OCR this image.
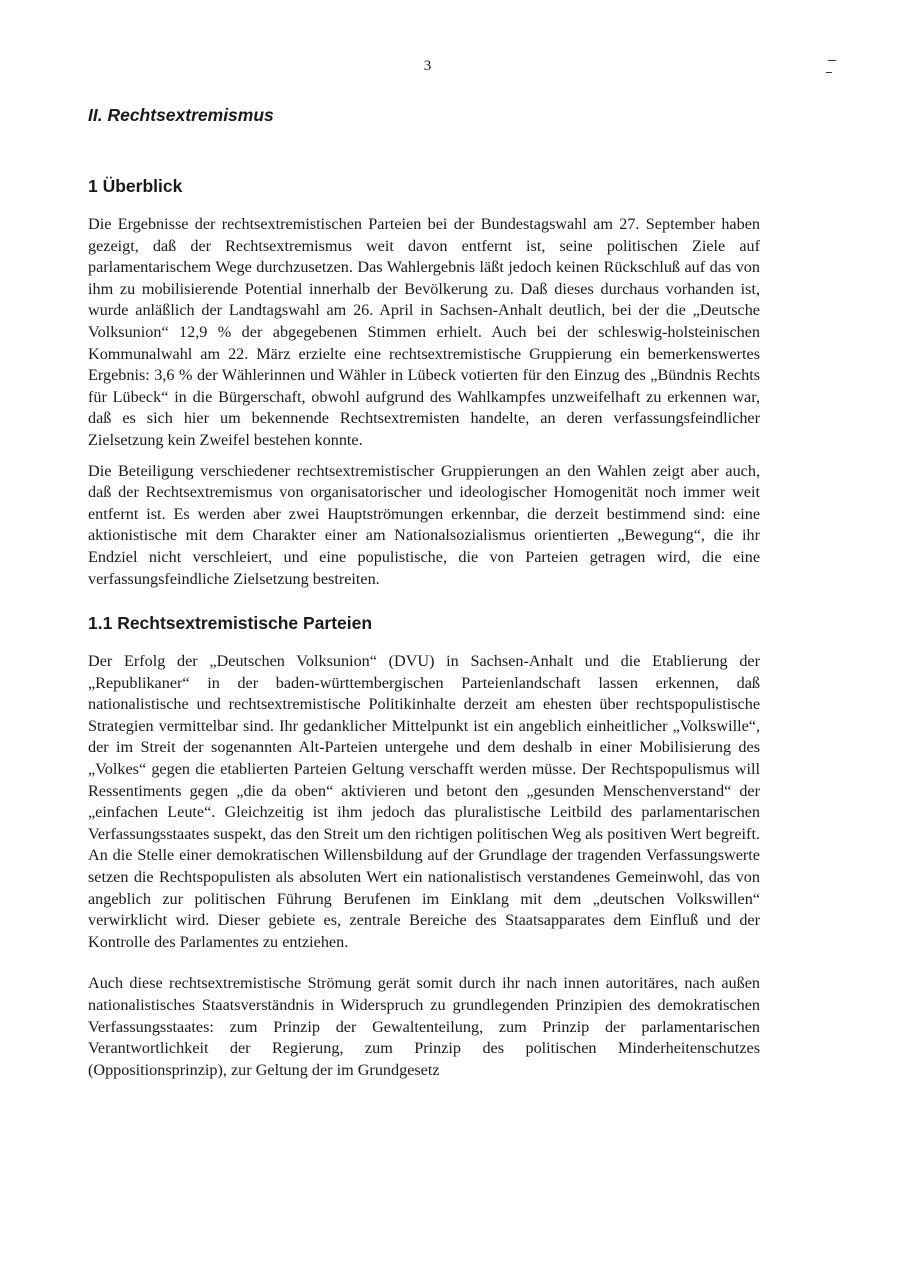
3
II. Rechtsextremismus
1 Überblick

Die Ergebnisse der rechtsextremistischen Parteien bei der Bundestagswahl am 27. September haben gezeigt, daß der Rechtsextremismus weit davon entfernt ist, seine politischen Ziele auf parlamentarischem Wege durchzusetzen. Das Wahlergebnis läßt jedoch keinen Rückschluß auf das von ihm zu mobilisierende Potential innerhalb der Bevölkerung zu. Daß dieses durchaus vorhanden ist, wurde anläßlich der Landtagswahl am 26. April in Sachsen-Anhalt deutlich, bei der die „Deutsche Volksunion“ 12,9 % der abgegebenen Stimmen erhielt. Auch bei der schleswig-holsteinischen Kommunalwahl am 22. März erzielte eine rechtsextremistische Gruppierung ein bemerkenswertes Ergebnis: 3,6 % der Wählerinnen und Wähler in Lübeck votierten für den Einzug des „Bündnis Rechts für Lübeck“ in die Bürgerschaft, obwohl aufgrund des Wahlkampfes unzweifelhaft zu erkennen war, daß es sich hier um bekennende Rechtsextremisten handelte, an deren verfassungsfeindlicher Zielsetzung kein Zweifel bestehen konnte.

Die Beteiligung verschiedener rechtsextremistischer Gruppierungen an den Wahlen zeigt aber auch, daß der Rechtsextremismus von organisatorischer und ideologischer Homogenität noch immer weit entfernt ist. Es werden aber zwei Hauptströmungen erkennbar, die derzeit bestimmend sind: eine aktionistische mit dem Charakter einer am Nationalsozialismus orientierten „Bewegung“, die ihr Endziel nicht verschleiert, und eine populistische, die von Parteien getragen wird, die eine verfassungsfeindliche Zielsetzung bestreiten.

1.1 Rechtsextremistische Parteien

Der Erfolg der „Deutschen Volksunion“ (DVU) in Sachsen-Anhalt und die Etablierung der „Republikaner“ in der baden-württembergischen Parteienlandschaft lassen erkennen, daß nationalistische und rechtsextremistische Politikinhalte derzeit am ehesten über rechtspopulistische Strategien vermittelbar sind. Ihr gedanklicher Mittelpunkt ist ein angeblich einheitlicher „Volkswille“, der im Streit der sogenannten Alt-Parteien untergehe und dem deshalb in einer Mobilisierung des „Volkes“ gegen die etablierten Parteien Geltung verschafft werden müsse. Der Rechtspopulismus will Ressentiments gegen „die da oben“ aktivieren und betont den „gesunden Menschenverstand“ der „einfachen Leute“. Gleichzeitig ist ihm jedoch das pluralistische Leitbild des parlamentarischen Verfassungsstaates suspekt, das den Streit um den richtigen politischen Weg als positiven Wert begreift. An die Stelle einer demokratischen Willensbildung auf der Grundlage der tragenden Verfassungswerte setzen die Rechtspopulisten als absoluten Wert ein nationalistisch verstandenes Gemeinwohl, das von angeblich zur politischen Führung Berufenen im Einklang mit dem „deutschen Volkswillen“ verwirklicht wird. Dieser gebiete es, zentrale Bereiche des Staatsapparates dem Einfluß und der Kontrolle des Parlamentes zu entziehen.

Auch diese rechtsextremistische Strömung gerät somit durch ihr nach innen autoritäres, nach außen nationalistisches Staatsverständnis in Widerspruch zu grundlegenden Prinzipien des demokratischen Verfassungsstaates: zum Prinzip der Gewaltenteilung, zum Prinzip der parlamentarischen Verantwortlichkeit der Regierung, zum Prinzip des politischen Minderheitenschutzes (Oppositionsprinzip), zur Geltung der im Grundgesetz
